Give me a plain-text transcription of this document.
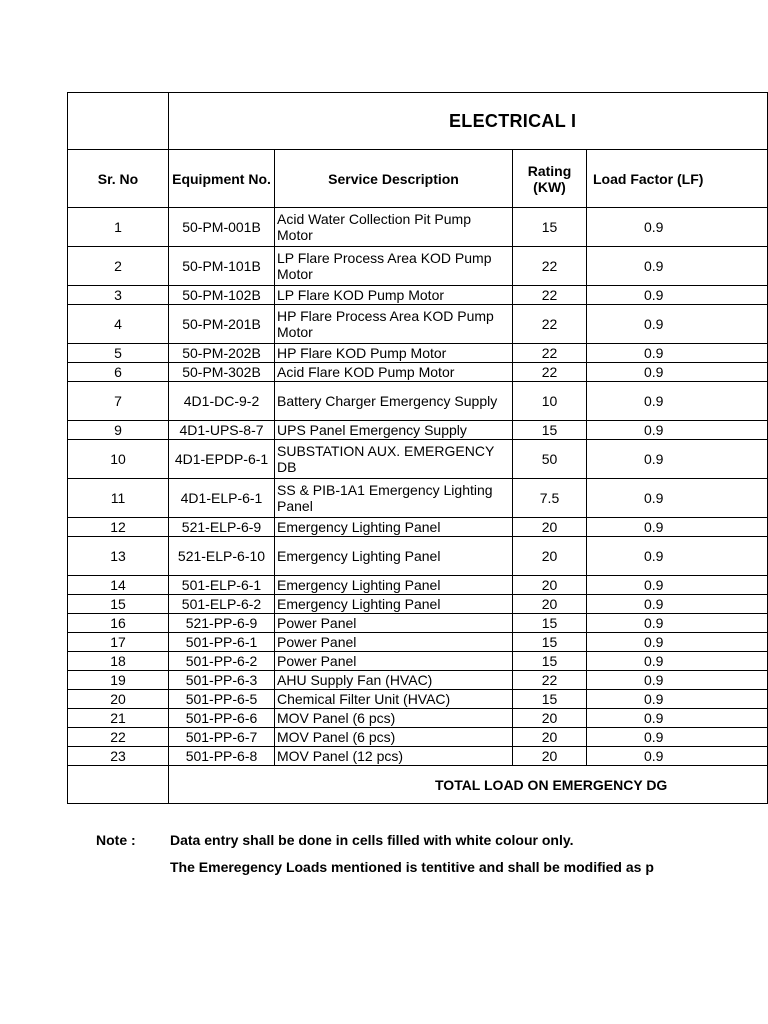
	ELECTRICAL I			
Sr. No	Equipment No.	Service Description	Rating (KW)	Load Factor (LF)
1	50-PM-001B	Acid Water Collection Pit Pump Motor	15	0.9
2	50-PM-101B	LP Flare Process Area KOD Pump Motor	22	0.9
3	50-PM-102B	LP Flare KOD Pump Motor	22	0.9
4	50-PM-201B	HP Flare Process Area KOD Pump Motor	22	0.9
5	50-PM-202B	HP Flare KOD Pump Motor	22	0.9
6	50-PM-302B	Acid Flare KOD Pump Motor	22	0.9
7	4D1-DC-9-2	Battery Charger Emergency Supply	10	0.9
9	4D1-UPS-8-7	UPS Panel Emergency Supply	15	0.9
10	4D1-EPDP-6-1	SUBSTATION AUX. EMERGENCY DB	50	0.9
11	4D1-ELP-6-1	SS & PIB-1A1 Emergency Lighting Panel	7.5	0.9
12	521-ELP-6-9	Emergency Lighting Panel	20	0.9
13	521-ELP-6-10	Emergency Lighting Panel	20	0.9
14	501-ELP-6-1	Emergency Lighting Panel	20	0.9
15	501-ELP-6-2	Emergency Lighting Panel	20	0.9
16	521-PP-6-9	Power Panel	15	0.9
17	501-PP-6-1	Power Panel	15	0.9
18	501-PP-6-2	Power Panel	15	0.9
19	501-PP-6-3	AHU Supply Fan (HVAC)	22	0.9
20	501-PP-6-5	Chemical Filter Unit (HVAC)	15	0.9
21	501-PP-6-6	MOV Panel (6 pcs)	20	0.9
22	501-PP-6-7	MOV Panel (6 pcs)	20	0.9
23	501-PP-6-8	MOV Panel (12 pcs)	20	0.9
	TOTAL LOAD ON EMERGENCY DG			
Note : Data entry shall be done in cells filled with white colour only.
The Emeregency Loads mentioned is tentitive and shall be modified as p
